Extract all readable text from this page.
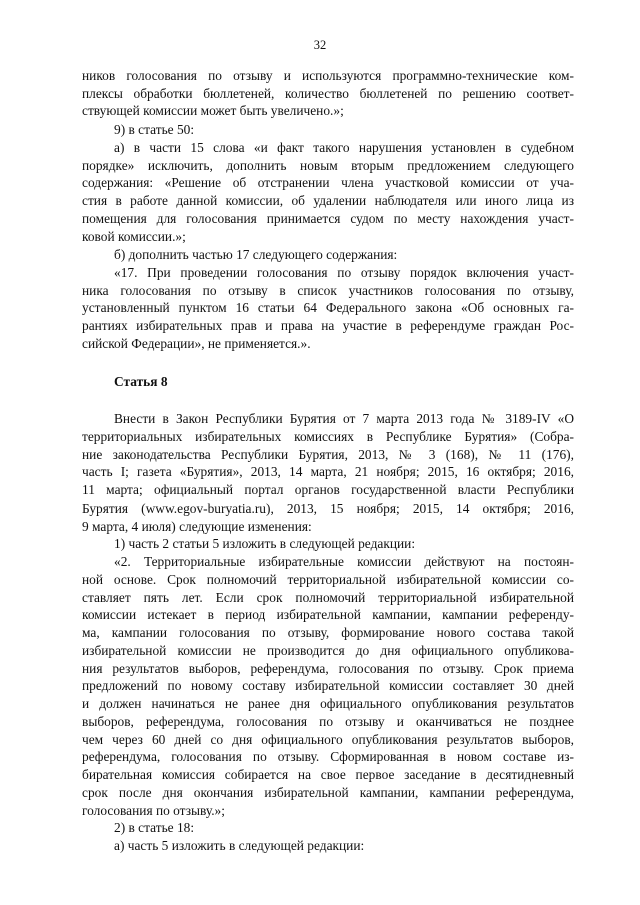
32
ников голосования по отзыву и используются программно-технические ком-
плексы обработки бюллетеней, количество бюллетеней по решению соответ-
ствующей комиссии может быть увеличено.»;
9) в статье 50:
а) в части 15 слова «и факт такого нарушения установлен в судебном
порядке» исключить, дополнить новым вторым предложением следующего
содержания: «Решение об отстранении члена участковой комиссии от уча-
стия в работе данной комиссии, об удалении наблюдателя или иного лица из
помещения для голосования принимается судом по месту нахождения участ-
ковой комиссии.»;
б) дополнить частью 17 следующего содержания:
«17. При проведении голосования по отзыву порядок включения участ-
ника голосования по отзыву в список участников голосования по отзыву,
установленный пунктом 16 статьи 64 Федерального закона «Об основных га-
рантиях избирательных прав и права на участие в референдуме граждан Рос-
сийской Федерации», не применяется.».
Статья 8
Внести в Закон Республики Бурятия от 7 марта 2013 года № 3189-IV «О
территориальных избирательных комиссиях в Республике Бурятия» (Собра-
ние законодательства Республики Бурятия, 2013, № 3 (168), № 11 (176),
часть I; газета «Бурятия», 2013, 14 марта, 21 ноября; 2015, 16 октября; 2016,
11 марта; официальный портал органов государственной власти Республики
Бурятия (www.egov-buryatia.ru), 2013, 15 ноября; 2015, 14 октября; 2016,
9 марта, 4 июля) следующие изменения:
1) часть 2 статьи 5 изложить в следующей редакции:
«2. Территориальные избирательные комиссии действуют на постоян-
ной основе. Срок полномочий территориальной избирательной комиссии со-
ставляет пять лет. Если срок полномочий территориальной избирательной
комиссии истекает в период избирательной кампании, кампании референду-
ма, кампании голосования по отзыву, формирование нового состава такой
избирательной комиссии не производится до дня официального опубликова-
ния результатов выборов, референдума, голосования по отзыву. Срок приема
предложений по новому составу избирательной комиссии составляет 30 дней
и должен начинаться не ранее дня официального опубликования результатов
выборов, референдума, голосования по отзыву и оканчиваться не позднее
чем через 60 дней со дня официального опубликования результатов выборов,
референдума, голосования по отзыву. Сформированная в новом составе из-
бирательная комиссия собирается на свое первое заседание в десятидневный
срок после дня окончания избирательной кампании, кампании референдума,
голосования по отзыву.»;
2) в статье 18:
а) часть 5 изложить в следующей редакции:
